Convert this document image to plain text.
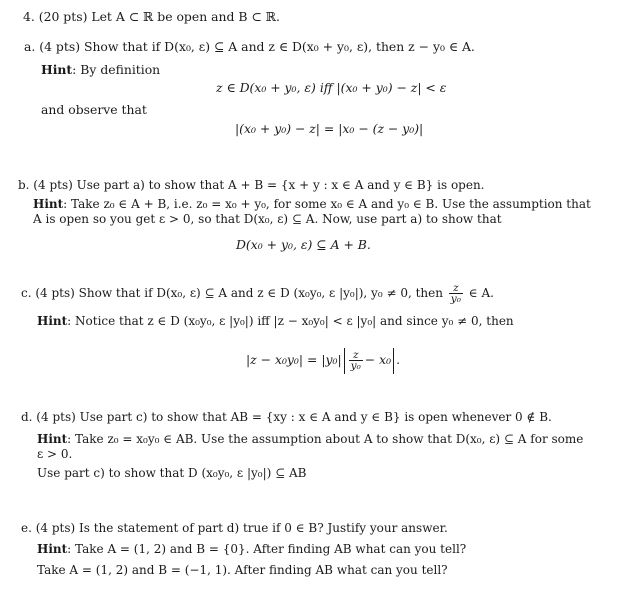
4. (20 pts) Let A ⊂ ℝ be open and B ⊂ ℝ.
a. (4 pts) Show that if D(x₀, ε) ⊆ A and z ∈ D(x₀ + y₀, ε), then z − y₀ ∈ A.
Hint: By definition
z ∈ D(x₀ + y₀, ε) iff |(x₀ + y₀) − z| < ε
and observe that
|(x₀ + y₀) − z| = |x₀ − (z − y₀)|
b. (4 pts) Use part a) to show that A + B = {x + y : x ∈ A and y ∈ B} is open.
Hint: Take z₀ ∈ A + B, i.e. z₀ = x₀ + y₀, for some x₀ ∈ A and y₀ ∈ B. Use the assumption that
A is open so you get ε > 0, so that D(x₀, ε) ⊆ A. Now, use part a) to show that
D(x₀ + y₀, ε) ⊆ A + B.
c. (4 pts) Show that if D(x₀, ε) ⊆ A and z ∈ D (x₀y₀, ε |y₀|), y₀ ≠ 0, then $\frac{z}{\text{y₀}}$ ∈ A.
Hint: Notice that z ∈ D (x₀y₀, ε |y₀|) iff |z − x₀y₀| < ε |y₀| and since y₀ ≠ 0, then
$|z - x_0y_0| = |y_0| \frac{z}{\text{y₀}} - x_0$ .
d. (4 pts) Use part c) to show that AB = {xy : x ∈ A and y ∈ B} is open whenever 0 ∉ B.
Hint: Take z₀ = x₀y₀ ∈ AB. Use the assumption about A to show that D(x₀, ε) ⊆ A for some
ε > 0.
Use part c) to show that D (x₀y₀, ε |y₀|) ⊆ AB
e. (4 pts) Is the statement of part d) true if 0 ∈ B? Justify your answer.
Hint: Take A = (1, 2) and B = {0}. After finding AB what can you tell?
Take A = (1, 2) and B = (−1, 1). After finding AB what can you tell?
